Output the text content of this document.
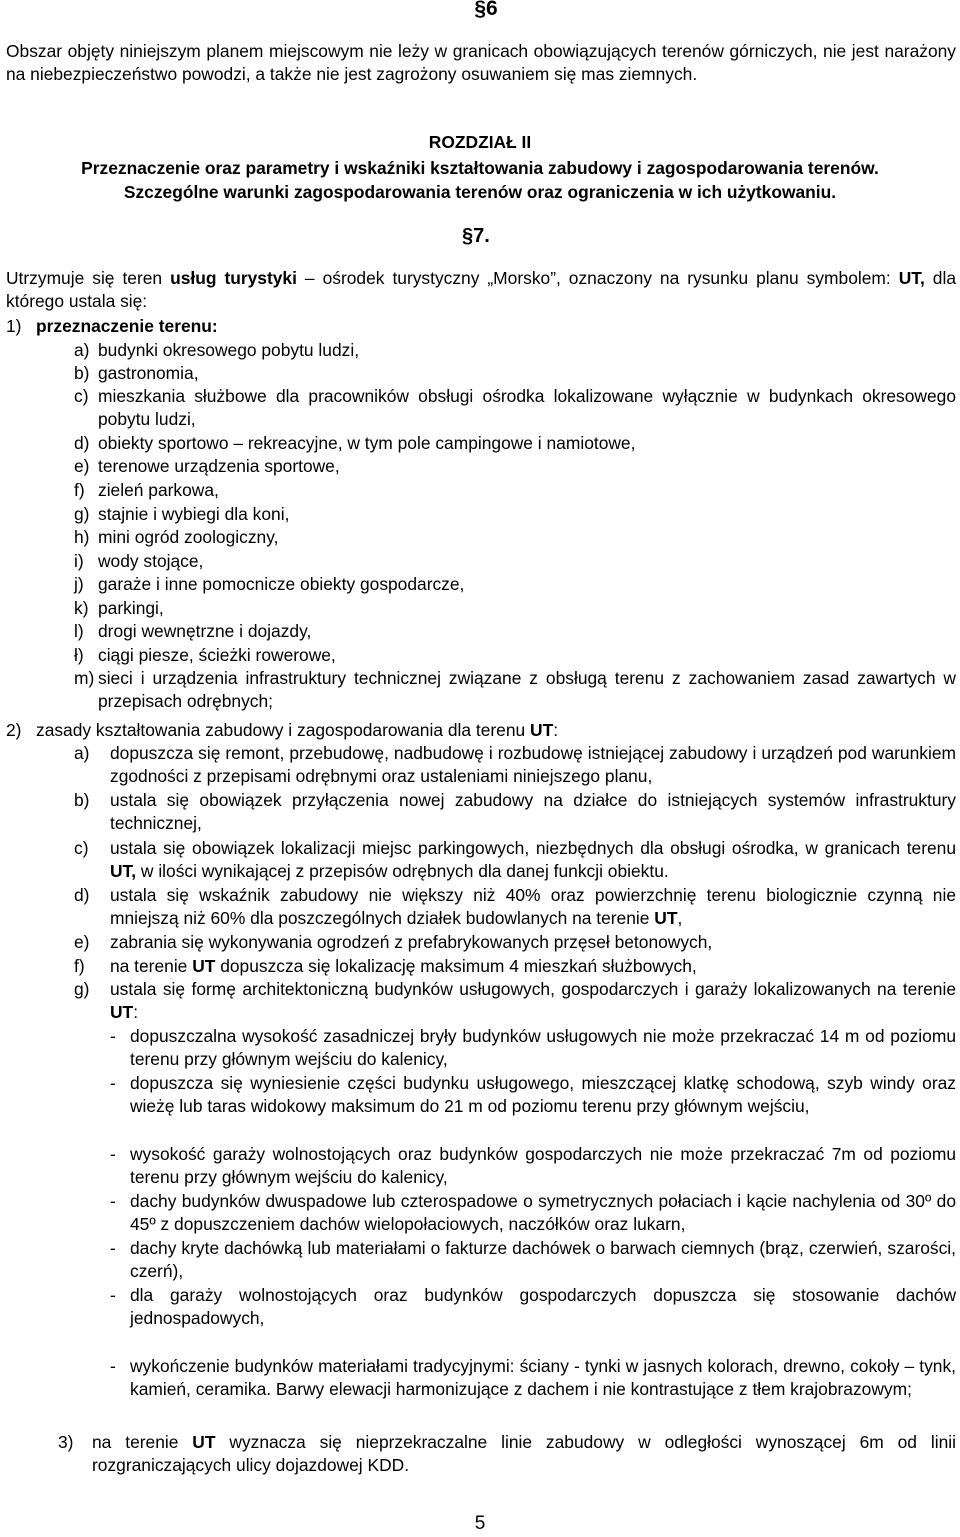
§6

Obszar objęty niniejszym planem miejscowym nie leży w granicach obowiązujących terenów górniczych, nie jest narażony na niebezpieczeństwo powodzi, a także nie jest zagrożony osuwaniem się mas ziemnych.

ROZDZIAŁ II

Przeznaczenie oraz parametry i wskaźniki kształtowania zabudowy i zagospodarowania terenów.

Szczególne warunki zagospodarowania terenów oraz ograniczenia w ich użytkowaniu.

§7.

Utrzymuje się teren usług turystyki – ośrodek turystyczny „Morsko”, oznaczony na rysunku planu symbolem: UT, dla którego ustala się:

1) przeznaczenie terenu:
a) budynki okresowego pobytu ludzi,

b) gastronomia,

c) mieszkania służbowe dla pracowników obsługi ośrodka lokalizowane wyłącznie w budynkach okresowego pobytu ludzi,

d) obiekty sportowo – rekreacyjne, w tym pole campingowe i namiotowe,

e) terenowe urządzenia sportowe,

f) zieleń parkowa,

g) stajnie i wybiegi dla koni,

h) mini ogród zoologiczny,

i) wody stojące,

j) garaże i inne pomocnicze obiekty gospodarcze,

k) parkingi,

l) drogi wewnętrzne i dojazdy,

ł) ciągi piesze, ścieżki rowerowe,

m) sieci i urządzenia infrastruktury technicznej związane z obsługą terenu z zachowaniem zasad zawartych w przepisach odrębnych;

2) zasady kształtowania zabudowy i zagospodarowania dla terenu UT:
a) dopuszcza się remont, przebudowę, nadbudowę i rozbudowę istniejącej zabudowy i urządzeń pod warunkiem zgodności z przepisami odrębnymi oraz ustaleniami niniejszego planu,

b) ustala się obowiązek przyłączenia nowej zabudowy na działce do istniejących systemów infrastruktury technicznej,

c) ustala się obowiązek lokalizacji miejsc parkingowych, niezbędnych dla obsługi ośrodka, w granicach terenu UT, w ilości wynikającej z przepisów odrębnych dla danej funkcji obiektu.

d) ustala się wskaźnik zabudowy nie większy niż 40% oraz powierzchnię terenu biologicznie czynną nie mniejszą niż 60% dla poszczególnych działek budowlanych na terenie UT,

e) zabrania się wykonywania ogrodzeń z prefabrykowanych przęseł betonowych,

f) na terenie UT dopuszcza się lokalizację maksimum 4 mieszkań służbowych,

g) ustala się formę architektoniczną budynków usługowych, gospodarczych i garaży lokalizowanych na terenie UT:

- dopuszczalna wysokość zasadniczej bryły budynków usługowych nie może przekraczać 14 m od poziomu terenu przy głównym wejściu do kalenicy,

- dopuszcza się wyniesienie części budynku usługowego, mieszczącej klatkę schodową, szyb windy oraz wieżę lub taras widokowy maksimum do 21 m od poziomu terenu przy głównym wejściu,

- wysokość garaży wolnostojących oraz budynków gospodarczych nie może przekraczać 7m od poziomu terenu przy głównym wejściu do kalenicy,

- dachy budynków dwuspadowe lub czterospadowe o symetrycznych połaciach i kącie nachylenia od 30º do 45º z dopuszczeniem dachów wielopołaciowych, naczółków oraz lukarn,

- dachy kryte dachówką lub materiałami o fakturze dachówek o barwach ciemnych (brąz, czerwień, szarości, czerń),

- dla garaży wolnostojących oraz budynków gospodarczych dopuszcza się stosowanie dachów jednospadowych,

- wykończenie budynków materiałami tradycyjnymi: ściany - tynki w jasnych kolorach, drewno, cokoły – tynk, kamień, ceramika. Barwy elewacji harmonizujące z dachem i nie kontrastujące z tłem krajobrazowym;

3) na terenie UT wyznacza się nieprzekraczalne linie zabudowy w odległości wynoszącej 6m od linii rozgraniczających ulicy dojazdowej KDD.

5
